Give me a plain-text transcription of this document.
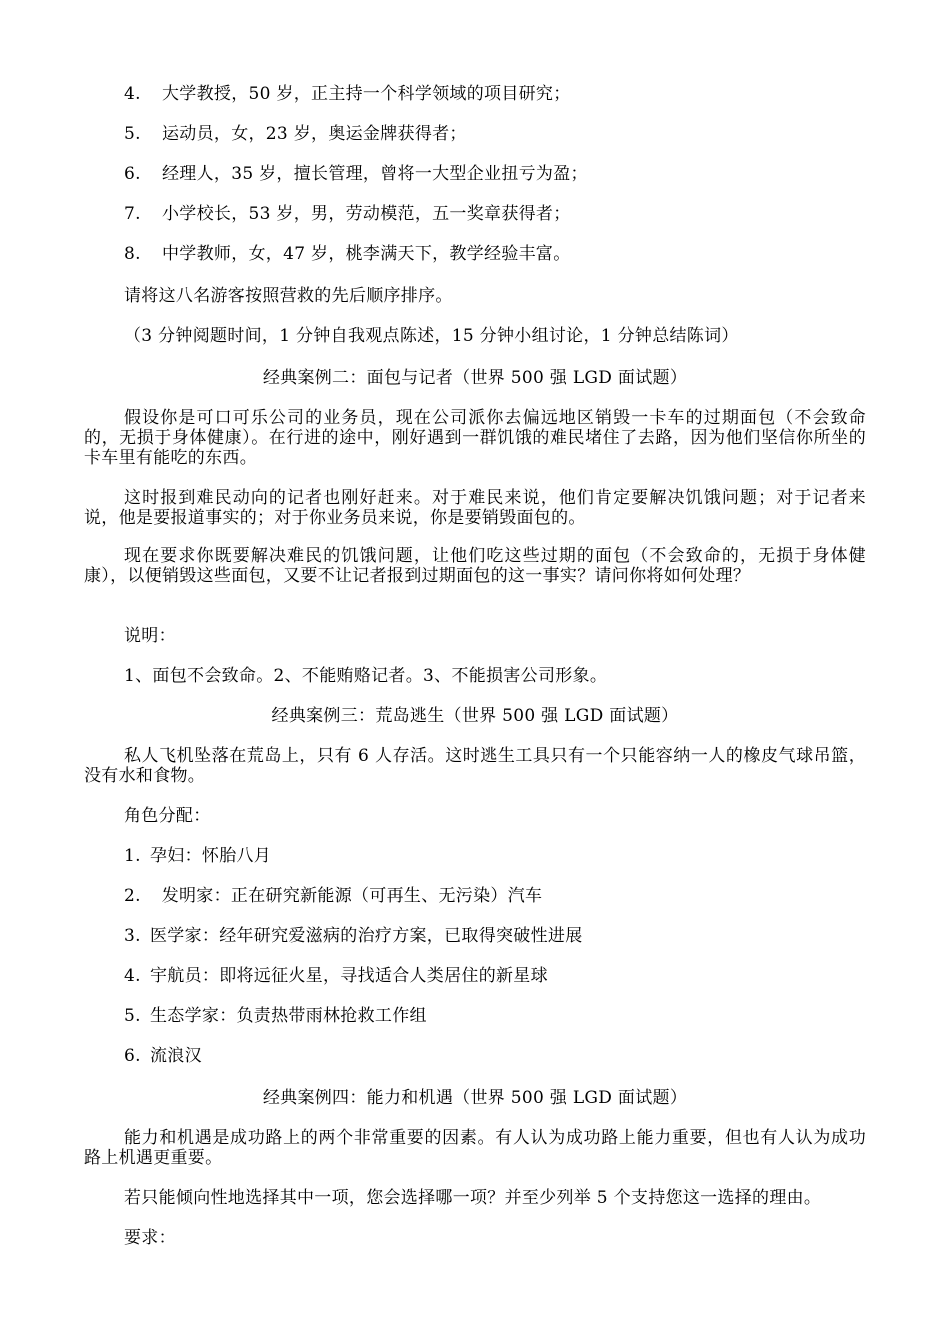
4. 大学教授，50 岁，正主持一个科学领域的项目研究；
5. 运动员，女，23 岁，奥运金牌获得者；
6. 经理人，35 岁，擅长管理，曾将一大型企业扭亏为盈；
7. 小学校长，53 岁，男，劳动模范，五一奖章获得者；
8. 中学教师，女，47 岁，桃李满天下，教学经验丰富。
请将这八名游客按照营救的先后顺序排序。
（3 分钟阅题时间，1 分钟自我观点陈述，15 分钟小组讨论，1 分钟总结陈词）
经典案例二：面包与记者（世界 500 强 LGD 面试题）
假设你是可口可乐公司的业务员，现在公司派你去偏远地区销毁一卡车的过期面包（不会致命的，无损于身体健康）。在行进的途中，刚好遇到一群饥饿的难民堵住了去路，因为他们坚信你所坐的卡车里有能吃的东西。
这时报到难民动向的记者也刚好赶来。对于难民来说，他们肯定要解决饥饿问题；对于记者来说，他是要报道事实的；对于你业务员来说，你是要销毁面包的。
现在要求你既要解决难民的饥饿问题，让他们吃这些过期的面包（不会致命的，无损于身体健康），以便销毁这些面包，又要不让记者报到过期面包的这一事实？请问你将如何处理？
说明：
1、面包不会致命。2、不能贿赂记者。3、不能损害公司形象。
经典案例三：荒岛逃生（世界 500 强 LGD 面试题）
私人飞机坠落在荒岛上，只有 6 人存活。这时逃生工具只有一个只能容纳一人的橡皮气球吊篮，没有水和食物。
角色分配：
1. 孕妇：怀胎八月
2. 发明家：正在研究新能源（可再生、无污染）汽车
3. 医学家：经年研究爱滋病的治疗方案，已取得突破性进展
4. 宇航员：即将远征火星，寻找适合人类居住的新星球
5. 生态学家：负责热带雨林抢救工作组
6. 流浪汉
经典案例四：能力和机遇（世界 500 强 LGD 面试题）
能力和机遇是成功路上的两个非常重要的因素。有人认为成功路上能力重要，但也有人认为成功路上机遇更重要。
若只能倾向性地选择其中一项，您会选择哪一项？并至少列举 5 个支持您这一选择的理由。
要求：
